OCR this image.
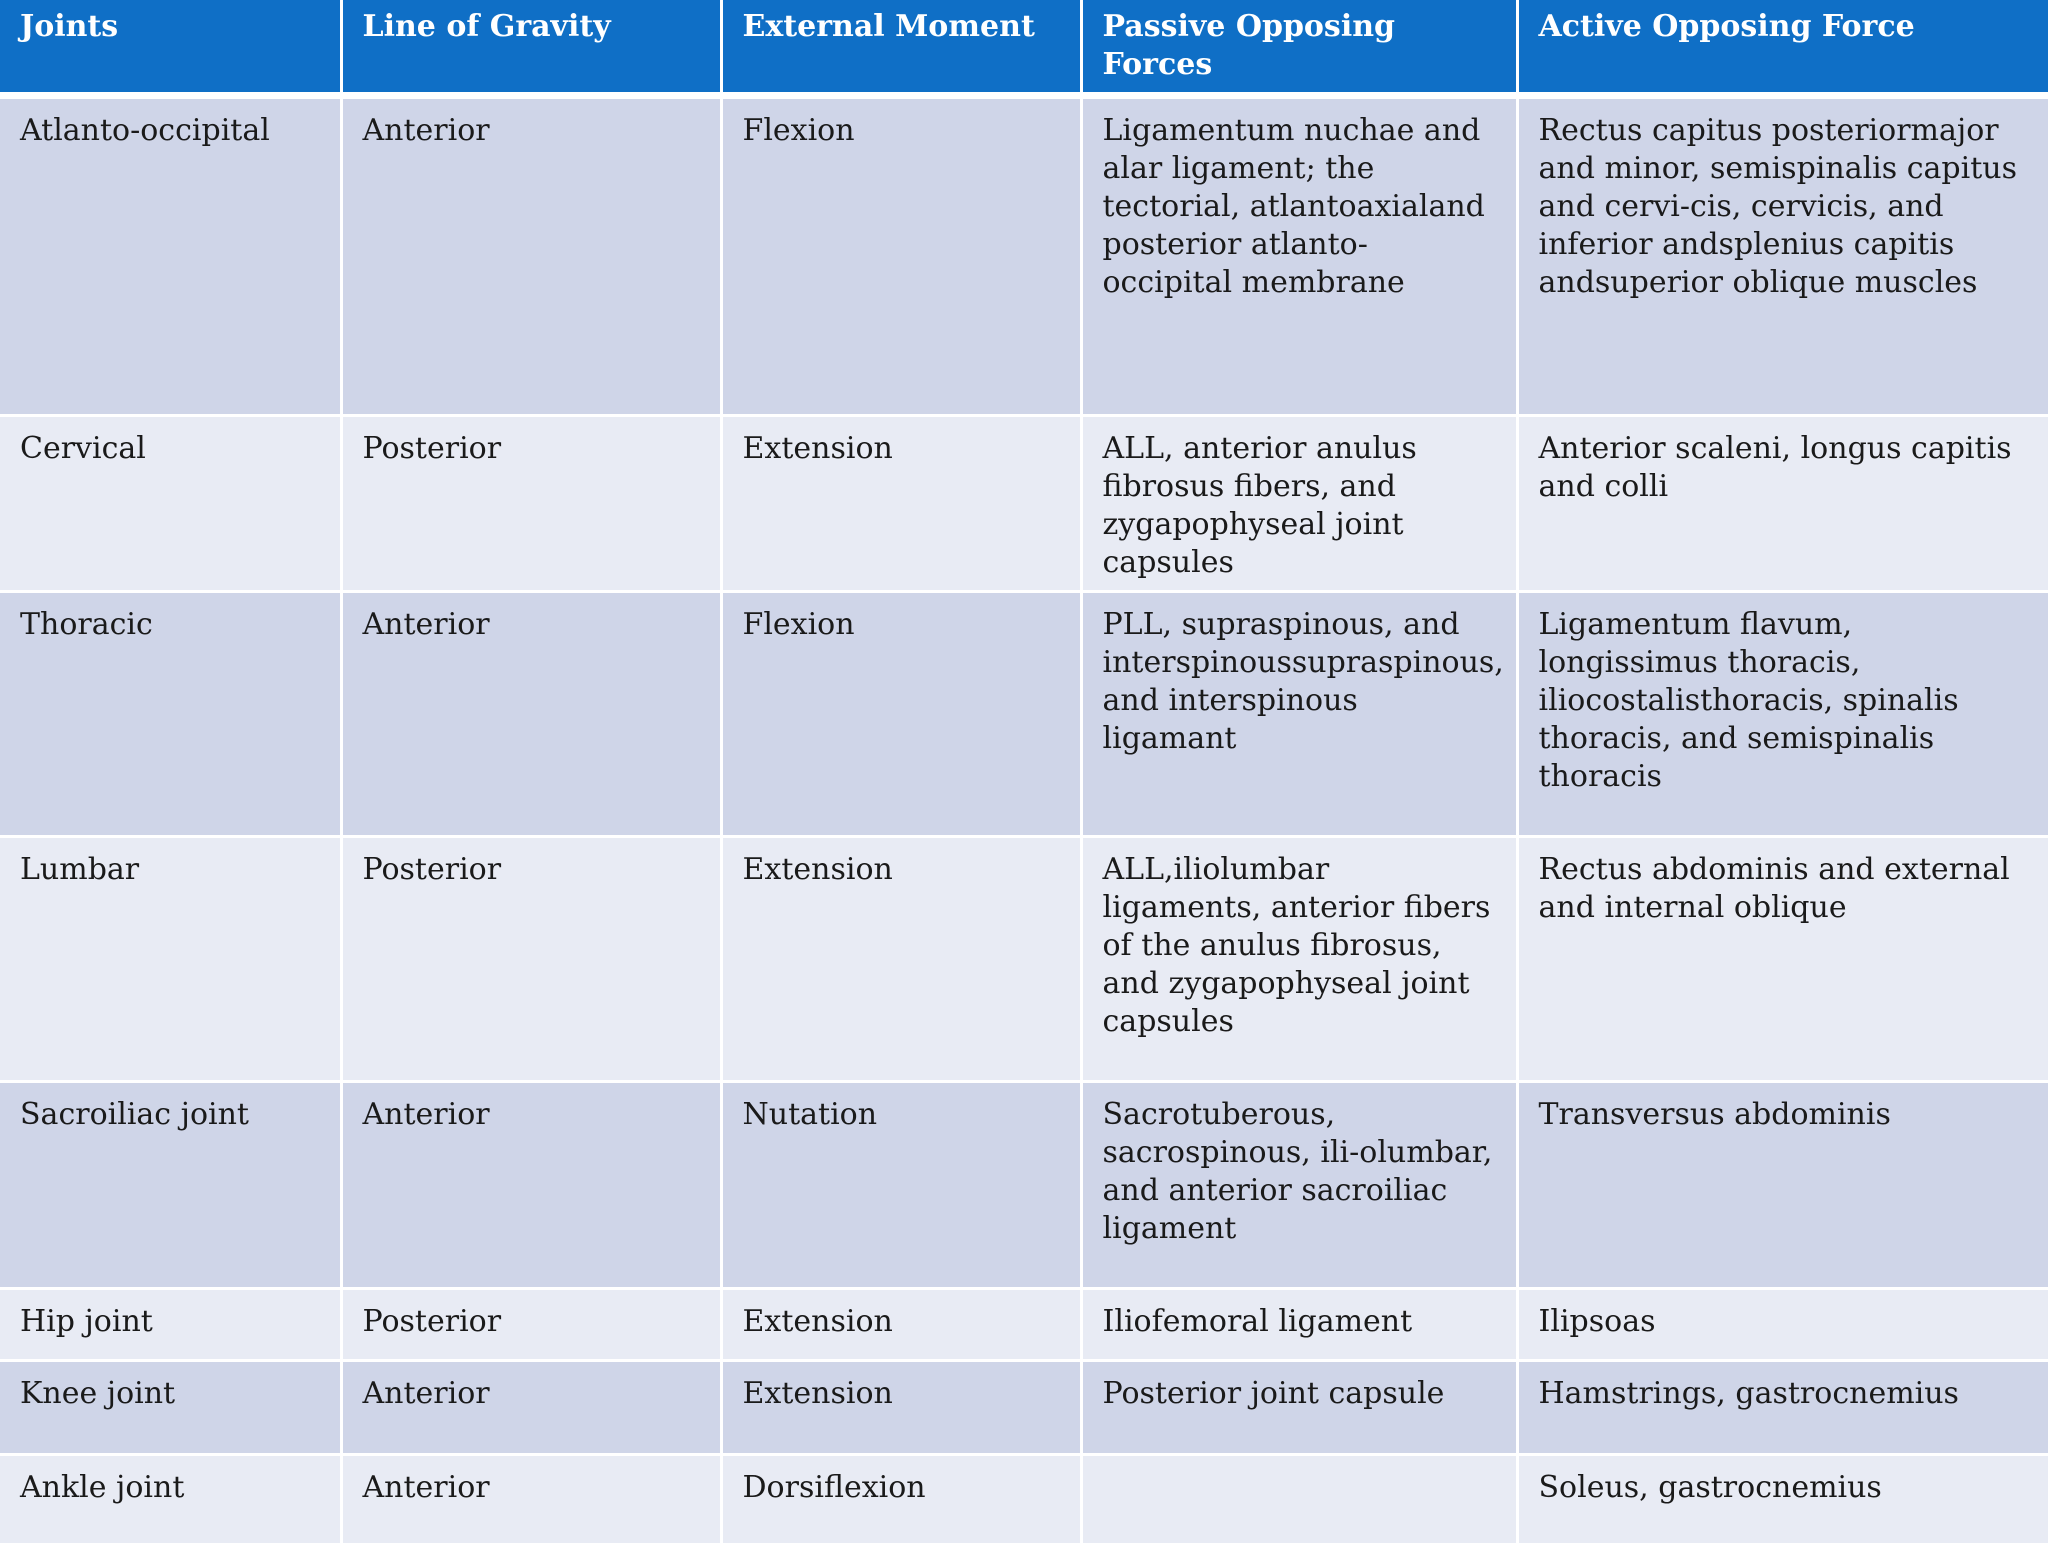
Joints	Line of Gravity	External Moment	Passive Opposing Forces	Active Opposing Force
Atlanto-occipital	Anterior	Flexion	Ligamentum nuchae and alar ligament; the tectorial, atlantoaxialand posterior atlanto-occipital membrane	Rectus capitus posteriormajor and minor, semispinalis capitus and cervi-cis, cervicis, and inferior andsplenius capitis andsuperior oblique muscles
Cervical	Posterior	Extension	ALL, anterior anulus fibrosus fibers, and zygapophyseal joint capsules	Anterior scaleni, longus capitis and colli
Thoracic	Anterior	Flexion	PLL, supraspinous, and interspinoussupraspinous, and interspinous ligamant	Ligamentum flavum, longissimus thoracis, iliocostalisthoracis, spinalis thoracis, and semispinalis thoracis
Lumbar	Posterior	Extension	ALL,iliolumbar ligaments, anterior fibers of the anulus fibrosus, and zygapophyseal joint capsules	Rectus abdominis and external and internal oblique
Sacroiliac joint	Anterior	Nutation	Sacrotuberous, sacrospinous, ili-olumbar, and anterior sacroiliac ligament	Transversus abdominis
Hip joint	Posterior	Extension	Iliofemoral ligament	Ilipsoas
Knee joint	Anterior	Extension	Posterior joint capsule	Hamstrings, gastrocnemius
Ankle joint	Anterior	Dorsiflexion		Soleus, gastrocnemius
